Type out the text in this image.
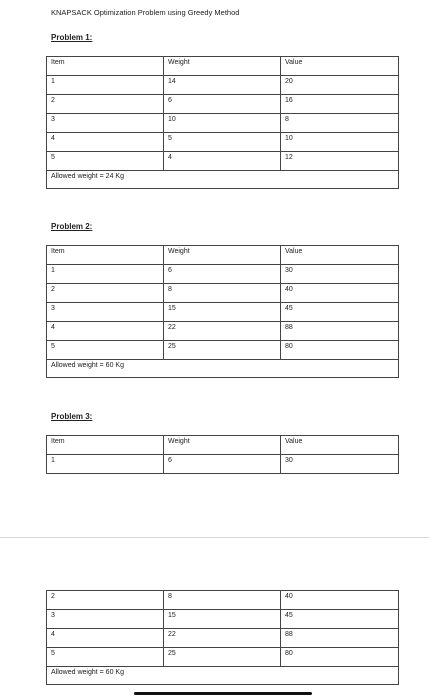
KNAPSACK Optimization Problem using Greedy Method
Problem 1:
Item	Weight	Value
1	14	20
2	6	16
3	10	8
4	5	10
5	4	12
Allowed weight = 24 Kg		
Problem 2:
Item	Weight	Value
1	6	30
2	8	40
3	15	45
4	22	88
5	25	80
Allowed weight = 60 Kg		
Problem 3:
Item	Weight	Value
1	6	30
2	8	40
3	15	45
4	22	88
5	25	80
Allowed weight = 60 Kg		
